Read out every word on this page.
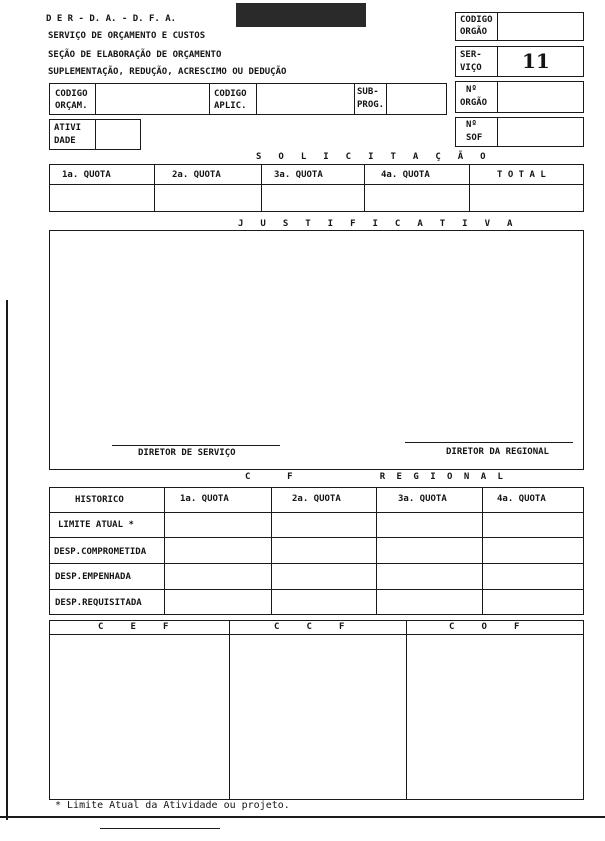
D E R - D. A. - D. F. A.
SERVIÇO DE ORÇAMENTO E CUSTOS
SEÇÃO DE ELABORAÇÃO DE ORÇAMENTO
SUPLEMENTAÇÃO, REDUÇÃO, ACRESCIMO OU DEDUÇÃO
CODIGO
ORGÃO
SER-
VIÇO 11
Nº
ORGÃO
Nº
SOF
CODIGO
ORÇAM.
CODIGO
APLIC.
SUB-
PROG.
ATIVI
DADE
SOLICITAÇÃO
1a. QUOTA	2a. QUOTA	3a. QUOTA	4a. QUOTA	T O T A L
JUSTIFICATIVA
DIRETOR DE SERVIÇO	DIRETOR DA REGIONAL
C    F          R E G I O N A L
HISTORICO	1a. QUOTA	2a. QUOTA	3a. QUOTA	4a. QUOTA
LIMITE ATUAL *
DESP.COMPROMETIDA
DESP.EMPENHADA
DESP.REQUISITADA
C     E     F	C     C     F	C     O     F
* Limite Atual da Atividade ou projeto.
